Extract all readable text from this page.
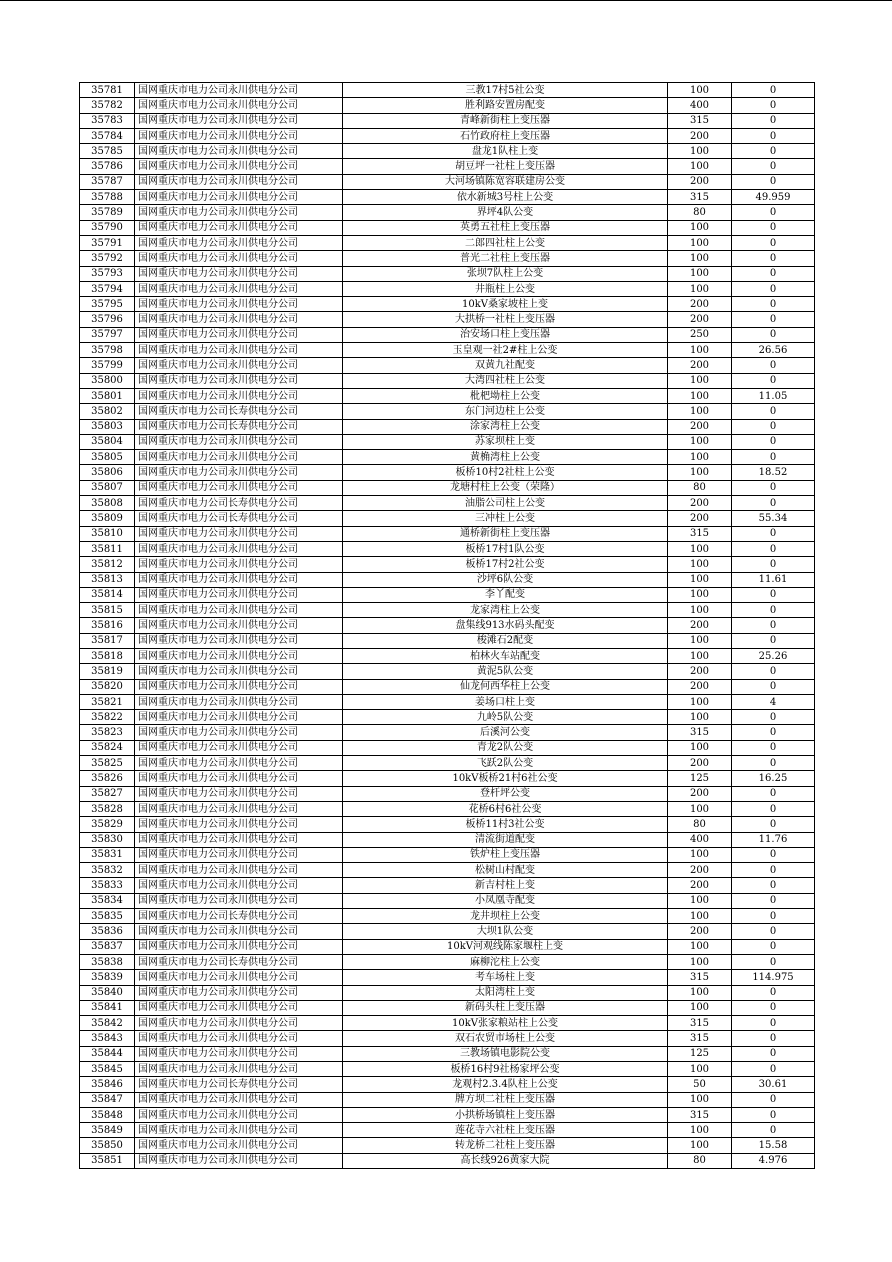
35781	国网重庆市电力公司永川供电分公司	三教17村5社公变	100	0
35782	国网重庆市电力公司永川供电分公司	胜利路安置房配变	400	0
35783	国网重庆市电力公司永川供电分公司	青峰新街柱上变压器	315	0
35784	国网重庆市电力公司永川供电分公司	石竹政府柱上变压器	200	0
35785	国网重庆市电力公司永川供电分公司	盘龙1队柱上变	100	0
35786	国网重庆市电力公司永川供电分公司	胡豆坪一社柱上变压器	100	0
35787	国网重庆市电力公司永川供电分公司	大河场镇陈宽容联建房公变	200	0
35788	国网重庆市电力公司永川供电分公司	依水新城3号柱上公变	315	49.959
35789	国网重庆市电力公司永川供电分公司	界坪4队公变	80	0
35790	国网重庆市电力公司永川供电分公司	英勇五社柱上变压器	100	0
35791	国网重庆市电力公司永川供电分公司	二郎四社柱上公变	100	0
35792	国网重庆市电力公司永川供电分公司	普光二社柱上变压器	100	0
35793	国网重庆市电力公司永川供电分公司	张坝7队柱上公变	100	0
35794	国网重庆市电力公司永川供电分公司	井瓶柱上公变	100	0
35795	国网重庆市电力公司永川供电分公司	10kV桑家坡柱上变	200	0
35796	国网重庆市电力公司永川供电分公司	大拱桥一社柱上变压器	200	0
35797	国网重庆市电力公司永川供电分公司	治安场口柱上变压器	250	0
35798	国网重庆市电力公司永川供电分公司	玉皇观一社2#柱上公变	100	26.56
35799	国网重庆市电力公司永川供电分公司	双黄九社配变	200	0
35800	国网重庆市电力公司永川供电分公司	大湾四社柱上公变	100	0
35801	国网重庆市电力公司永川供电分公司	枇杷坳柱上公变	100	11.05
35802	国网重庆市电力公司长寿供电分公司	东门河边柱上公变	100	0
35803	国网重庆市电力公司长寿供电分公司	涂家湾柱上公变	200	0
35804	国网重庆市电力公司永川供电分公司	苏家坝柱上变	100	0
35805	国网重庆市电力公司永川供电分公司	黄桷湾柱上公变	100	0
35806	国网重庆市电力公司永川供电分公司	板桥10村2社柱上公变	100	18.52
35807	国网重庆市电力公司永川供电分公司	龙塘村柱上公变（荣隆）	80	0
35808	国网重庆市电力公司长寿供电分公司	油脂公司柱上公变	200	0
35809	国网重庆市电力公司长寿供电分公司	三冲柱上公变	200	55.34
35810	国网重庆市电力公司永川供电分公司	通桥新街柱上变压器	315	0
35811	国网重庆市电力公司永川供电分公司	板桥17村1队公变	100	0
35812	国网重庆市电力公司永川供电分公司	板桥17村2社公变	100	0
35813	国网重庆市电力公司永川供电分公司	沙坪6队公变	100	11.61
35814	国网重庆市电力公司永川供电分公司	李丫配变	100	0
35815	国网重庆市电力公司永川供电分公司	龙家湾柱上公变	100	0
35816	国网重庆市电力公司永川供电分公司	盘集线913水码头配变	200	0
35817	国网重庆市电力公司永川供电分公司	梭滩石2配变	100	0
35818	国网重庆市电力公司永川供电分公司	柏林火车站配变	100	25.26
35819	国网重庆市电力公司永川供电分公司	黄泥5队公变	200	0
35820	国网重庆市电力公司永川供电分公司	仙龙何西华柱上公变	200	0
35821	国网重庆市电力公司永川供电分公司	姜场口柱上变	100	4
35822	国网重庆市电力公司永川供电分公司	九岭5队公变	100	0
35823	国网重庆市电力公司永川供电分公司	后溪河公变	315	0
35824	国网重庆市电力公司永川供电分公司	青龙2队公变	100	0
35825	国网重庆市电力公司永川供电分公司	飞跃2队公变	200	0
35826	国网重庆市电力公司永川供电分公司	10kV板桥21村6社公变	125	16.25
35827	国网重庆市电力公司永川供电分公司	登杆坪公变	200	0
35828	国网重庆市电力公司永川供电分公司	花桥6村6社公变	100	0
35829	国网重庆市电力公司永川供电分公司	板桥11村3社公变	80	0
35830	国网重庆市电力公司永川供电分公司	清流街道配变	400	11.76
35831	国网重庆市电力公司永川供电分公司	铁炉柱上变压器	100	0
35832	国网重庆市电力公司永川供电分公司	松树山村配变	200	0
35833	国网重庆市电力公司永川供电分公司	新吉村柱上变	200	0
35834	国网重庆市电力公司永川供电分公司	小凤凰寺配变	100	0
35835	国网重庆市电力公司长寿供电分公司	龙井坝柱上公变	100	0
35836	国网重庆市电力公司永川供电分公司	大坝1队公变	200	0
35837	国网重庆市电力公司永川供电分公司	10kV河观线陈家堰柱上变	100	0
35838	国网重庆市电力公司长寿供电分公司	麻柳沱柱上公变	100	0
35839	国网重庆市电力公司永川供电分公司	考车场柱上变	315	114.975
35840	国网重庆市电力公司永川供电分公司	太阳湾柱上变	100	0
35841	国网重庆市电力公司永川供电分公司	新码头柱上变压器	100	0
35842	国网重庆市电力公司永川供电分公司	10kV张家粮站柱上公变	315	0
35843	国网重庆市电力公司永川供电分公司	双石农贸市场柱上公变	315	0
35844	国网重庆市电力公司永川供电分公司	三教场镇电影院公变	125	0
35845	国网重庆市电力公司永川供电分公司	板桥16村9社杨家坪公变	100	0
35846	国网重庆市电力公司长寿供电分公司	龙观村2.3.4队柱上公变	50	30.61
35847	国网重庆市电力公司永川供电分公司	牌方坝二社柱上变压器	100	0
35848	国网重庆市电力公司永川供电分公司	小拱桥场镇柱上变压器	315	0
35849	国网重庆市电力公司永川供电分公司	莲花寺六社柱上变压器	100	0
35850	国网重庆市电力公司永川供电分公司	转龙桥二社柱上变压器	100	15.58
35851	国网重庆市电力公司永川供电分公司	高长线926黄家大院	80	4.976
